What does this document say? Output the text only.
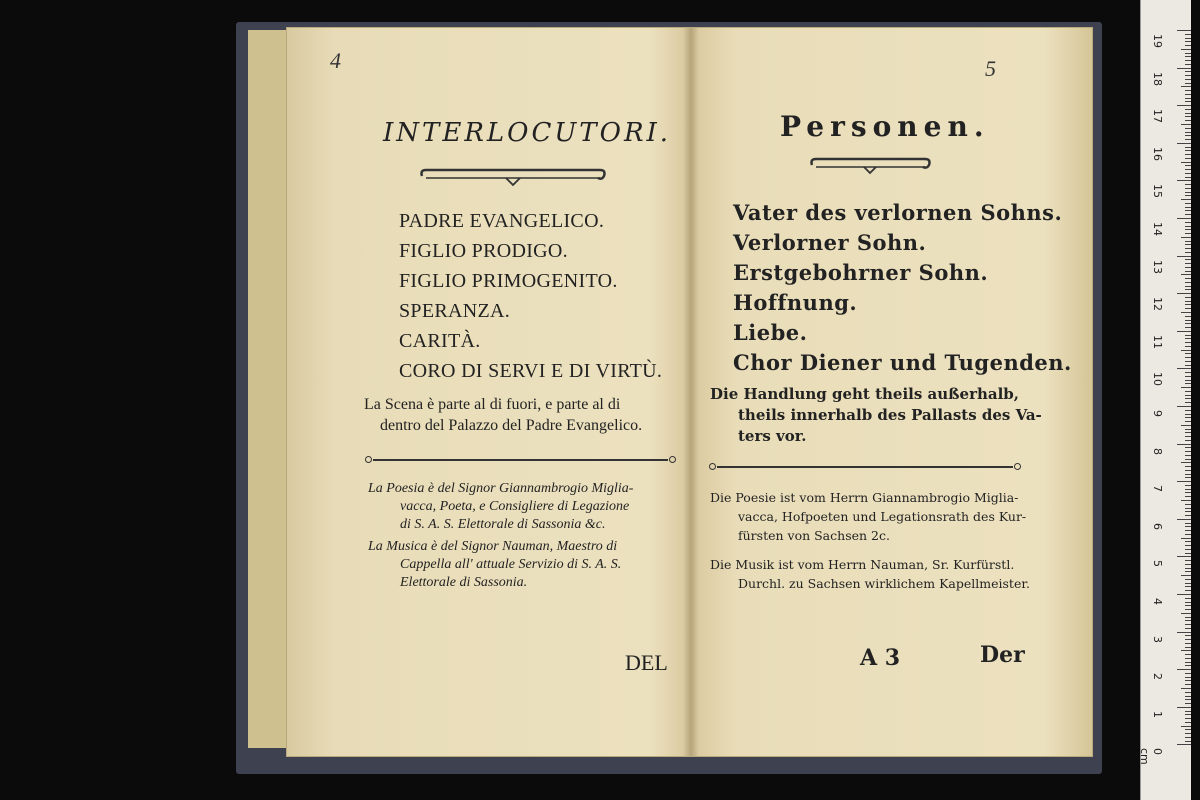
4
INTERLOCUTORI.
PADRE EVANGELICO.
FIGLIO PRODIGO.
FIGLIO PRIMOGENITO.
SPERANZA.
CARITÀ.
CORO DI SERVI E DI VIRTÙ.

La Scena è parte al di fuori, e parte al di
dentro del Palazzo del Padre Evangelico.

La Poesia è del Signor Giannambrogio Miglia-
vacca, Poeta, e Consigliere di Legazione
di S. A. S. Elettorale di Sassonia &c.

La Musica è del Signor Nauman, Maestro di
Cappella all' attuale Servizio di S. A. S.
Elettorale di Sassonia.

DEL
5
Personen.
Vater des verlornen Sohns.
Verlorner Sohn.
Erstgebohrner Sohn.
Hoffnung.
Liebe.
Chor Diener und Tugenden.

Die Handlung geht theils außerhalb,
theils innerhalb des Pallasts des Va-
ters vor.

Die Poesie ist vom Herrn Giannambrogio Miglia-
vacca, Hofpoeten und Legationsrath des Kur-
fürsten von Sachsen 2c.

Die Musik ist vom Herrn Nauman, Sr. Kurfürstl.
Durchl. zu Sachsen wirklichem Kapellmeister.

A 3	Der
19
18
17
16
15
14
13
12
11
10
9
8
7
6
5
4
3
2
1
0 cm
